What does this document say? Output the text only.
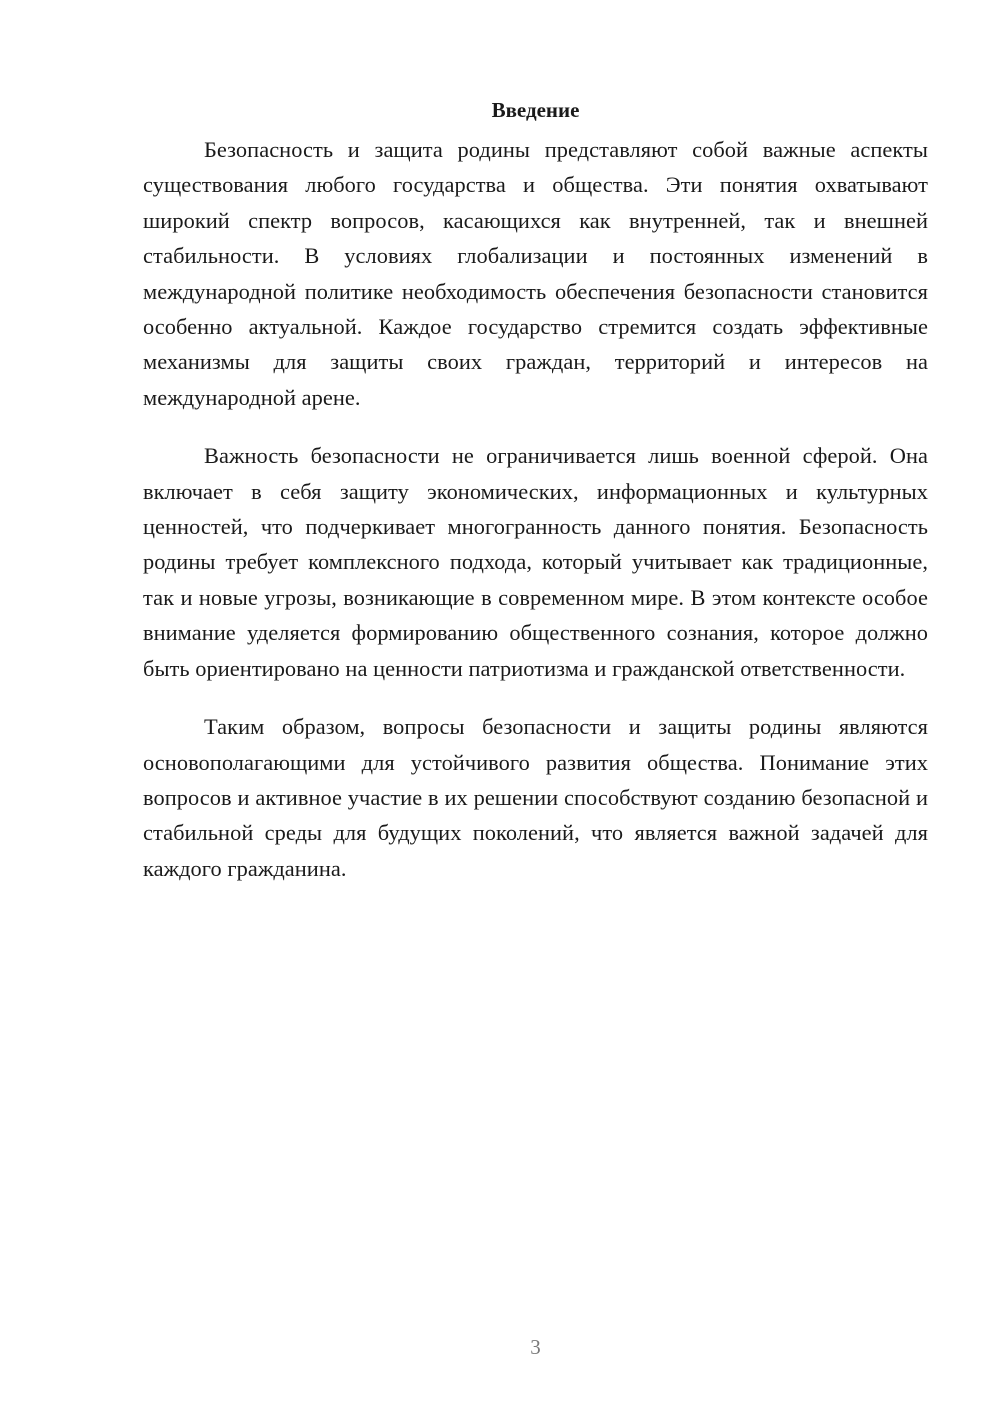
Введение

Безопасность и защита родины представляют собой важные аспекты существования любого государства и общества. Эти понятия охватывают широкий спектр вопросов, касающихся как внутренней, так и внешней стабильности. В условиях глобализации и постоянных изменений в международной политике необходимость обеспечения безопасности становится особенно актуальной. Каждое государство стремится создать эффективные механизмы для защиты своих граждан, территорий и интересов на международной арене.

Важность безопасности не ограничивается лишь военной сферой. Она включает в себя защиту экономических, информационных и культурных ценностей, что подчеркивает многогранность данного понятия. Безопасность родины требует комплексного подхода, который учитывает как традиционные, так и новые угрозы, возникающие в современном мире. В этом контексте особое внимание уделяется формированию общественного сознания, которое должно быть ориентировано на ценности патриотизма и гражданской ответственности.

Таким образом, вопросы безопасности и защиты родины являются основополагающими для устойчивого развития общества. Понимание этих вопросов и активное участие в их решении способствуют созданию безопасной и стабильной среды для будущих поколений, что является важной задачей для каждого гражданина.

3
